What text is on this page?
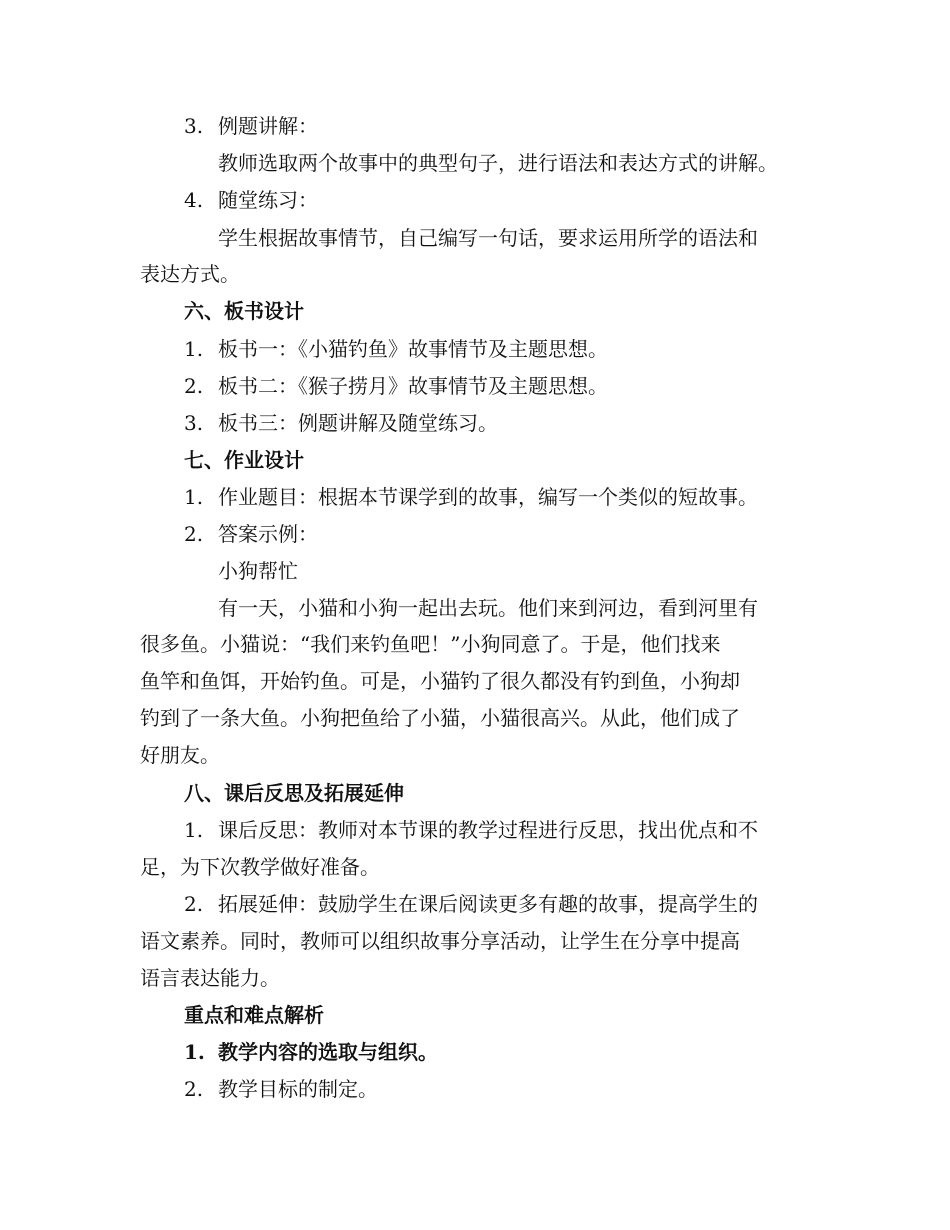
3. 例题讲解：
教师选取两个故事中的典型句子，进行语法和表达方式的讲解。
4. 随堂练习：
学生根据故事情节，自己编写一句话，要求运用所学的语法和
表达方式。
六、板书设计
1. 板书一：《小猫钓鱼》故事情节及主题思想。
2. 板书二：《猴子捞月》故事情节及主题思想。
3. 板书三：例题讲解及随堂练习。
七、作业设计
1. 作业题目：根据本节课学到的故事，编写一个类似的短故事。
2. 答案示例：
小狗帮忙
有一天，小猫和小狗一起出去玩。他们来到河边，看到河里有
很多鱼。小猫说：“我们来钓鱼吧！”小狗同意了。于是，他们找来
鱼竿和鱼饵，开始钓鱼。可是，小猫钓了很久都没有钓到鱼，小狗却
钓到了一条大鱼。小狗把鱼给了小猫，小猫很高兴。从此，他们成了
好朋友。
八、课后反思及拓展延伸
1. 课后反思：教师对本节课的教学过程进行反思，找出优点和不
足，为下次教学做好准备。
2. 拓展延伸：鼓励学生在课后阅读更多有趣的故事，提高学生的
语文素养。同时，教师可以组织故事分享活动，让学生在分享中提高
语言表达能力。
重点和难点解析
1. 教学内容的选取与组织。
2. 教学目标的制定。
